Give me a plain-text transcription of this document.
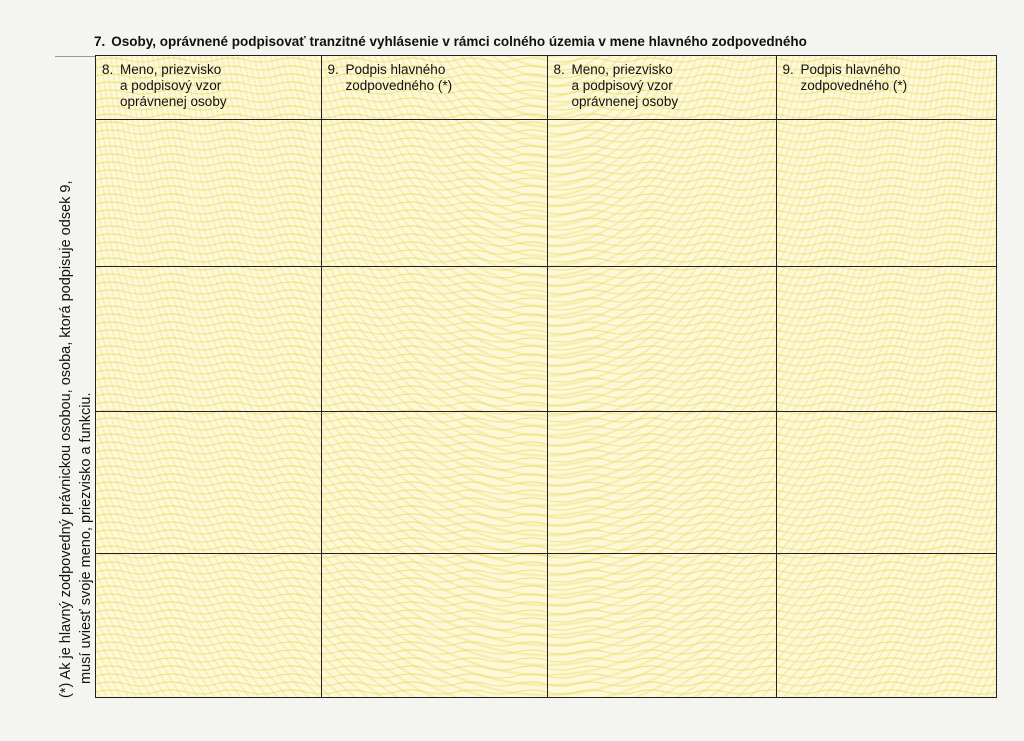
7. Osoby, oprávnené podpisovať tranzitné vyhlásenie v rámci colného územia v mene hlavného zodpovedného
(*) Ak je hlavný zodpovedný právnickou osobou, osoba, ktorá podpisuje odsek 9, musí uviesť svoje meno, priezvisko a funkciu.
8. Meno, priezvisko
a podpisový vzor
oprávnenej osoby	9. Podpis hlavného
zodpovedného (*)	8. Meno, priezvisko
a podpisový vzor
oprávnenej osoby	9. Podpis hlavného
zodpovedného (*)
